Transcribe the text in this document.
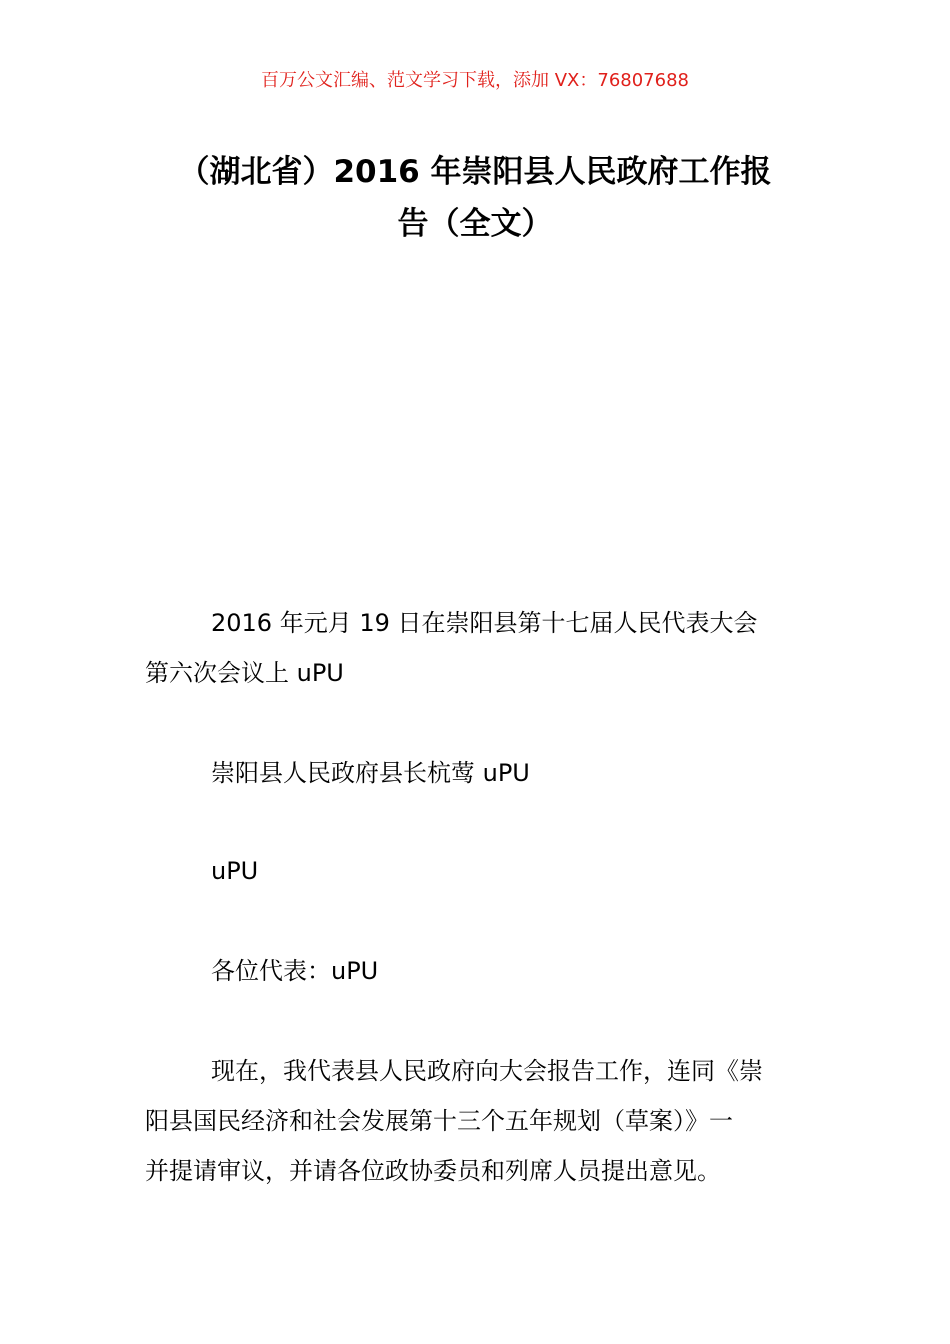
百万公文汇编、范文学习下载，添加 VX：76807688
（湖北省）2016 年崇阳县人民政府工作报
告（全文）

2016 年元月 19 日在崇阳县第十七届人民代表大会
第六次会议上 uPU

崇阳县人民政府县长杭莺 uPU

uPU

各位代表：uPU

现在，我代表县人民政府向大会报告工作，连同《崇
阳县国民经济和社会发展第十三个五年规划（草案）》一
并提请审议，并请各位政协委员和列席人员提出意见。
